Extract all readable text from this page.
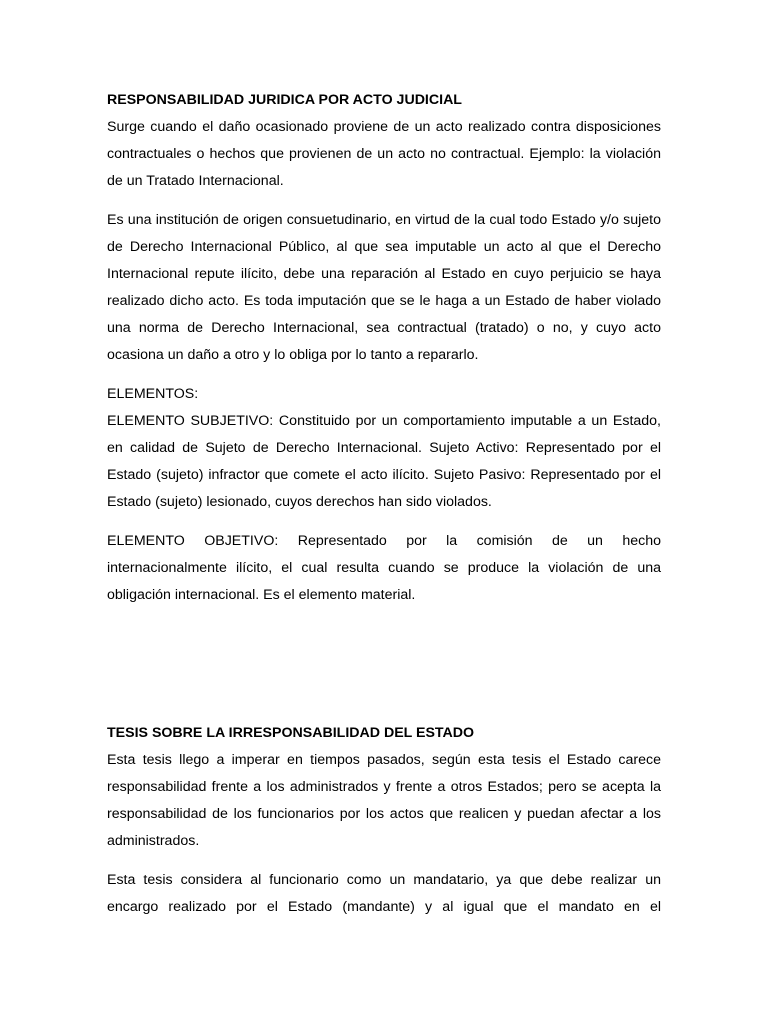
RESPONSABILIDAD JURIDICA POR ACTO JUDICIAL

Surge cuando el daño ocasionado proviene de un acto realizado contra disposiciones contractuales o hechos que provienen de un acto no contractual. Ejemplo: la violación de un Tratado Internacional.

Es una institución de origen consuetudinario, en virtud de la cual todo Estado y/o sujeto de Derecho Internacional Público, al que sea imputable un acto al que el Derecho Internacional repute ilícito, debe una reparación al Estado en cuyo perjuicio se haya realizado dicho acto. Es toda imputación que se le haga a un Estado de haber violado una norma de Derecho Internacional, sea contractual (tratado) o no, y cuyo acto ocasiona un daño a otro y lo obliga por lo tanto a repararlo.

ELEMENTOS:

ELEMENTO SUBJETIVO: Constituido por un comportamiento imputable a un Estado, en calidad de Sujeto de Derecho Internacional. Sujeto Activo: Representado por el Estado (sujeto) infractor que comete el acto ilícito. Sujeto Pasivo: Representado por el Estado (sujeto) lesionado, cuyos derechos han sido violados.

ELEMENTO OBJETIVO: Representado por la comisión de un hecho internacionalmente ilícito, el cual resulta cuando se produce la violación de una obligación internacional. Es el elemento material.

TESIS SOBRE LA IRRESPONSABILIDAD DEL ESTADO

Esta tesis llego a imperar en tiempos pasados, según esta tesis el Estado carece responsabilidad frente a los administrados y frente a otros Estados; pero se acepta la responsabilidad de los funcionarios por los actos que realicen y puedan afectar a los administrados.

Esta tesis considera al funcionario como un mandatario, ya que debe realizar un encargo realizado por el Estado (mandante) y al igual que el mandato en el
